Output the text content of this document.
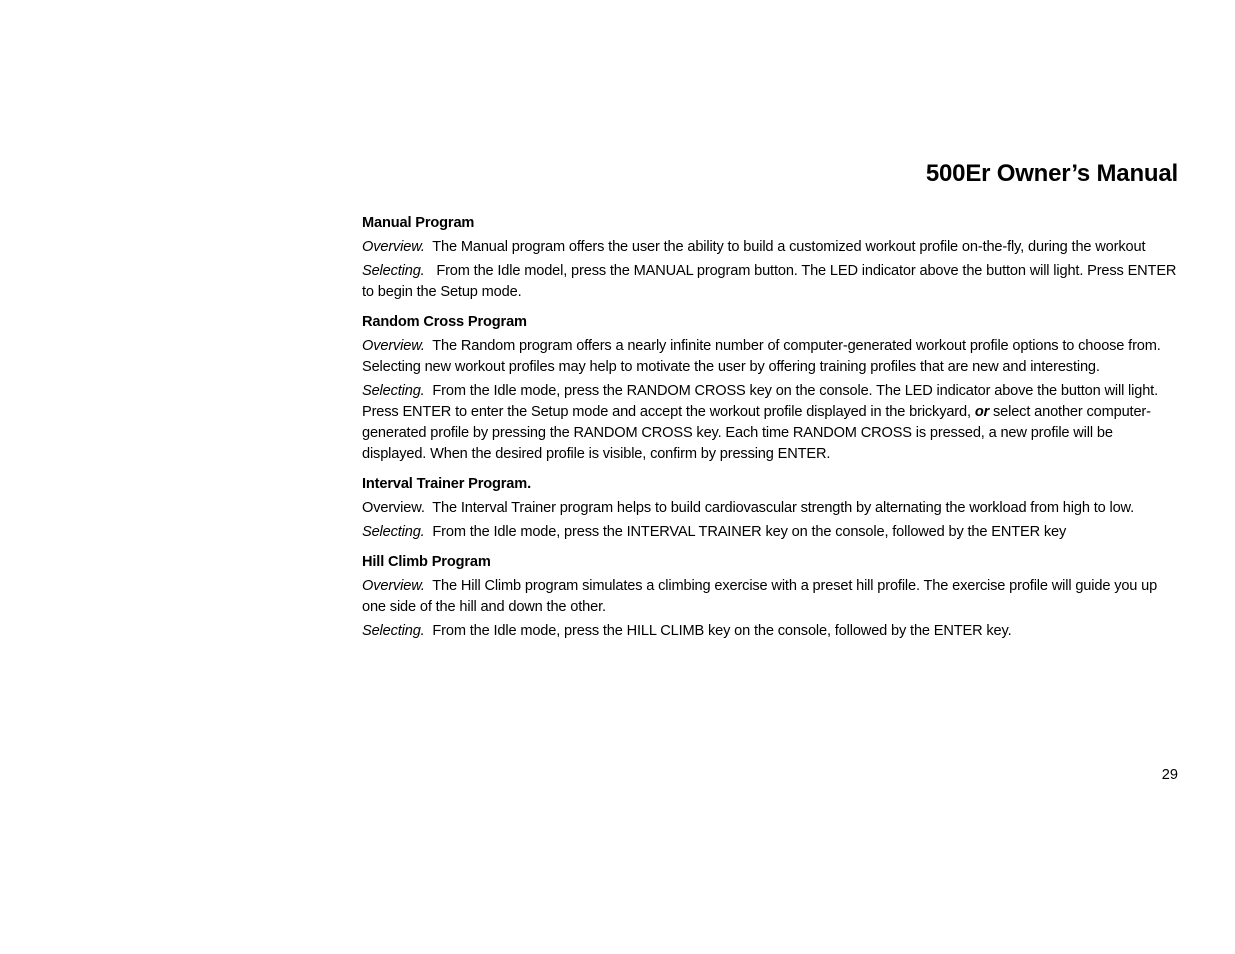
500Er Owner’s Manual
Manual Program
Overview. The Manual program offers the user the ability to build a customized workout profile on-the-fly, during the workout
Selecting. From the Idle model, press the MANUAL program button. The LED indicator above the button will light. Press ENTER to begin the Setup mode.
Random Cross Program
Overview. The Random program offers a nearly infinite number of computer-generated workout profile options to choose from. Selecting new workout profiles may help to motivate the user by offering training profiles that are new and interesting.
Selecting. From the Idle mode, press the RANDOM CROSS key on the console. The LED indicator above the button will light. Press ENTER to enter the Setup mode and accept the workout profile displayed in the brickyard, or select another computer-generated profile by pressing the RANDOM CROSS key. Each time RANDOM CROSS is pressed, a new profile will be displayed. When the desired profile is visible, confirm by pressing ENTER.
Interval Trainer Program.
Overview. The Interval Trainer program helps to build cardiovascular strength by alternating the workload from high to low.
Selecting. From the Idle mode, press the INTERVAL TRAINER key on the console, followed by the ENTER key
Hill Climb Program
Overview. The Hill Climb program simulates a climbing exercise with a preset hill profile. The exercise profile will guide you up one side of the hill and down the other.
Selecting. From the Idle mode, press the HILL CLIMB key on the console, followed by the ENTER key.
29
